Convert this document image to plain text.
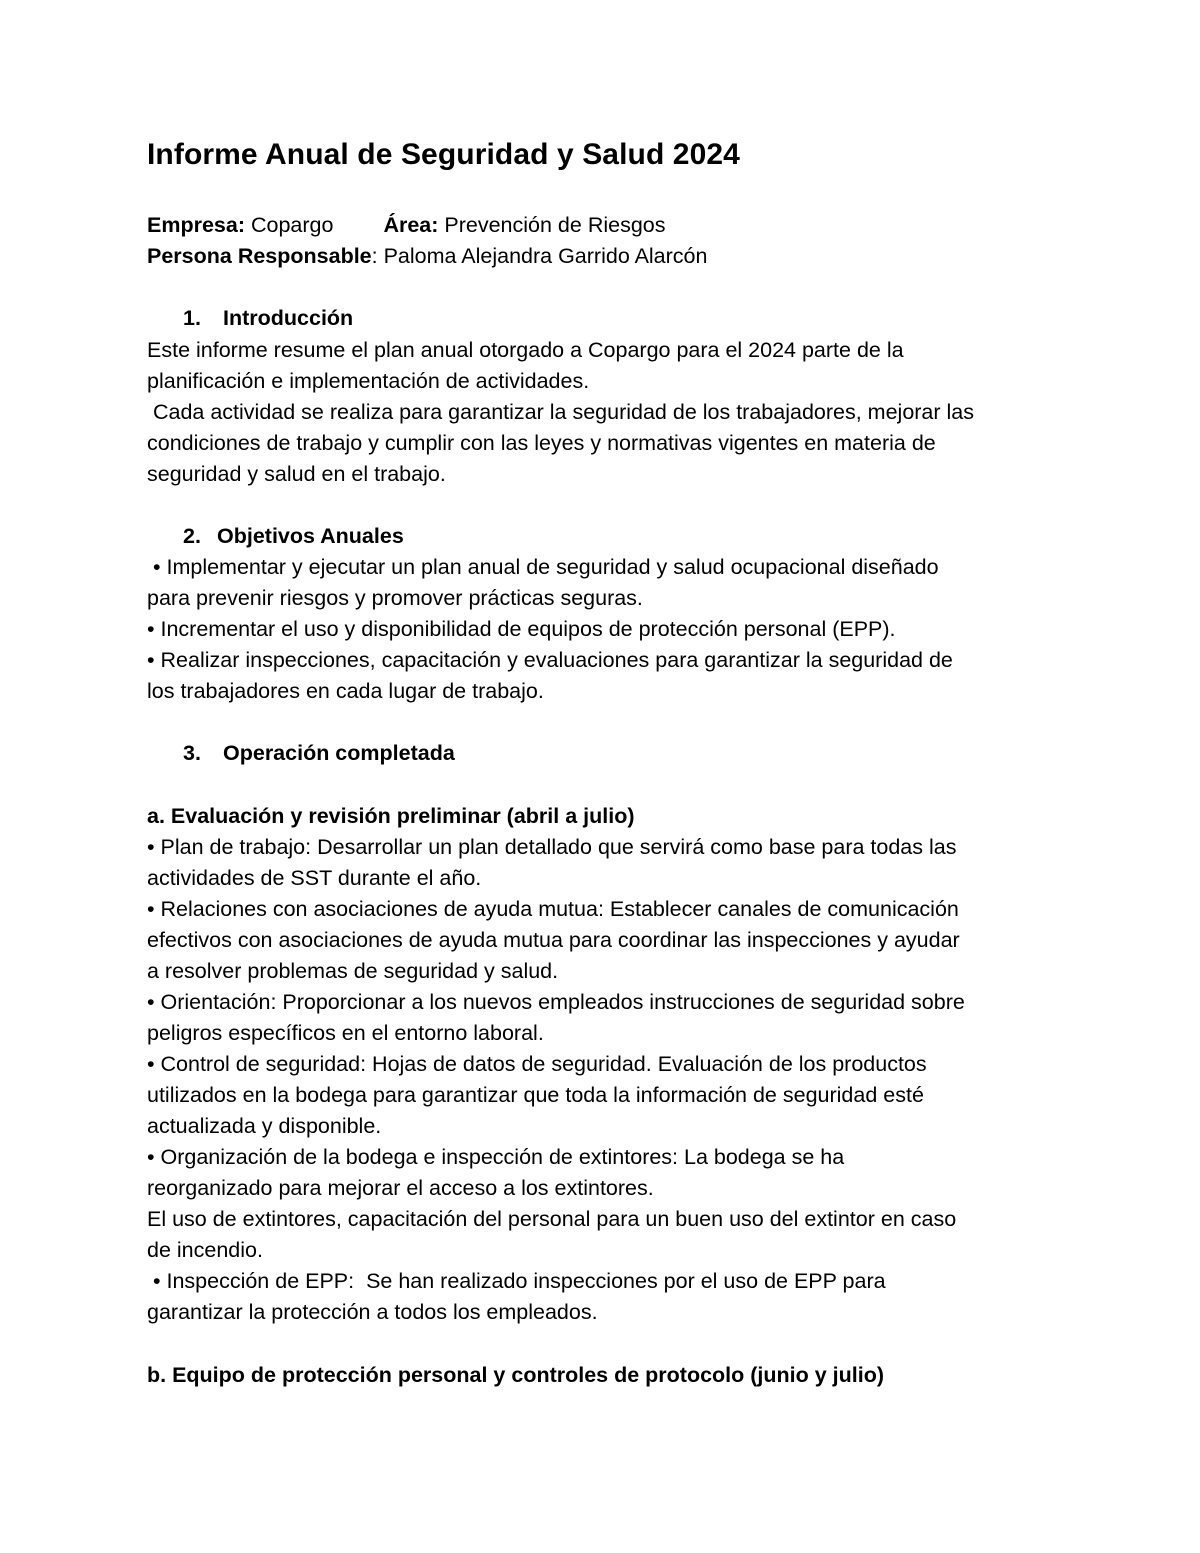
Informe Anual de Seguridad y Salud 2024
Empresa: Copargo Área: Prevención de Riesgos
Persona Responsable: Paloma Alejandra Garrido Alarcón
1. Introducción
Este informe resume el plan anual otorgado a Copargo para el 2024 parte de la
planificación e implementación de actividades.
Cada actividad se realiza para garantizar la seguridad de los trabajadores, mejorar las
condiciones de trabajo y cumplir con las leyes y normativas vigentes en materia de
seguridad y salud en el trabajo.
2. Objetivos Anuales
• Implementar y ejecutar un plan anual de seguridad y salud ocupacional diseñado
para prevenir riesgos y promover prácticas seguras.
• Incrementar el uso y disponibilidad de equipos de protección personal (EPP).
• Realizar inspecciones, capacitación y evaluaciones para garantizar la seguridad de
los trabajadores en cada lugar de trabajo.
3. Operación completada
a. Evaluación y revisión preliminar (abril a julio)
• Plan de trabajo: Desarrollar un plan detallado que servirá como base para todas las
actividades de SST durante el año.
• Relaciones con asociaciones de ayuda mutua: Establecer canales de comunicación
efectivos con asociaciones de ayuda mutua para coordinar las inspecciones y ayudar
a resolver problemas de seguridad y salud.
• Orientación: Proporcionar a los nuevos empleados instrucciones de seguridad sobre
peligros específicos en el entorno laboral.
• Control de seguridad: Hojas de datos de seguridad. Evaluación de los productos
utilizados en la bodega para garantizar que toda la información de seguridad esté
actualizada y disponible.
• Organización de la bodega e inspección de extintores: La bodega se ha
reorganizado para mejorar el acceso a los extintores.
El uso de extintores, capacitación del personal para un buen uso del extintor en caso
de incendio.
• Inspección de EPP:  Se han realizado inspecciones por el uso de EPP para
garantizar la protección a todos los empleados.
b. Equipo de protección personal y controles de protocolo (junio y julio)
